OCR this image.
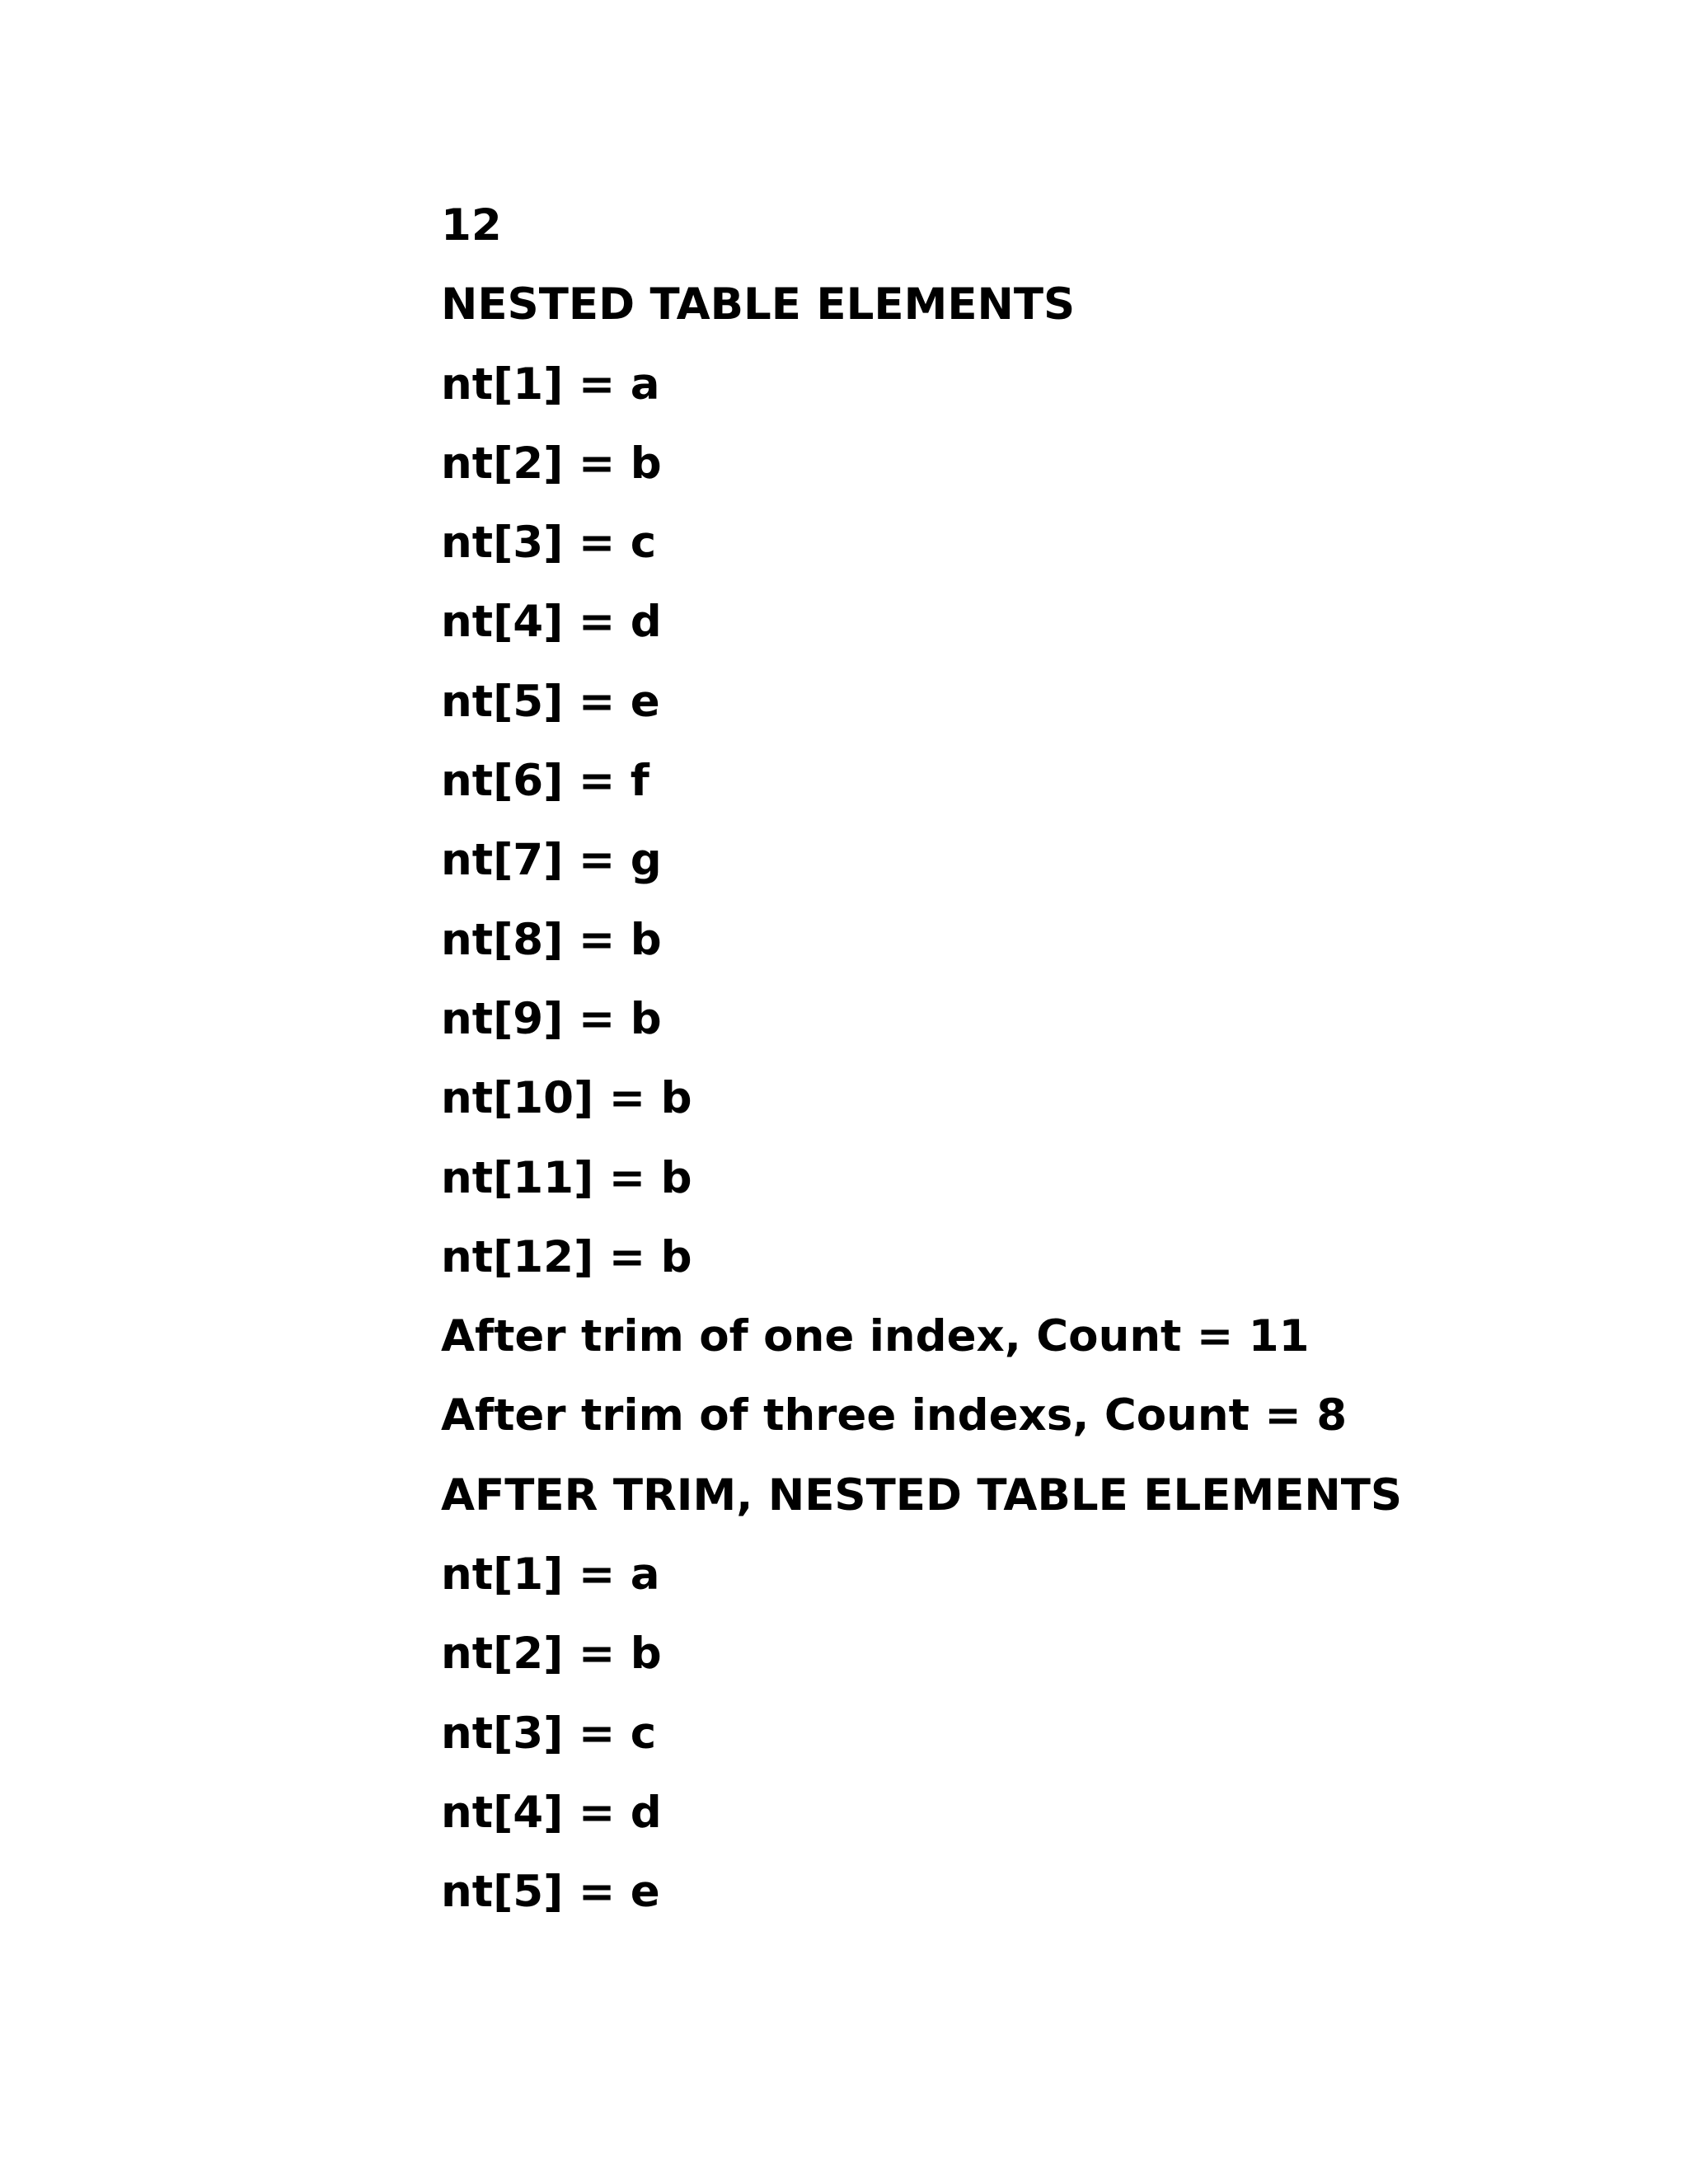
12
NESTED TABLE ELEMENTS
nt[1] = a
nt[2] = b
nt[3] = c
nt[4] = d
nt[5] = e
nt[6] = f
nt[7] = g
nt[8] = b
nt[9] = b
nt[10] = b
nt[11] = b
nt[12] = b
After trim of one index, Count = 11
After trim of three indexs, Count = 8
AFTER TRIM, NESTED TABLE ELEMENTS
nt[1] = a
nt[2] = b
nt[3] = c
nt[4] = d
nt[5] = e
